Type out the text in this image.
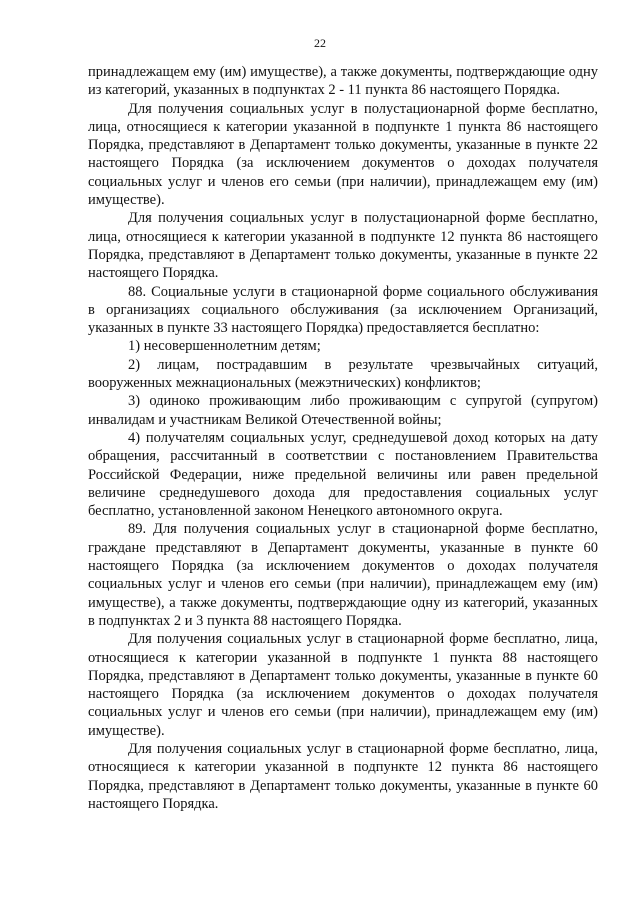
22

принадлежащем ему (им) имуществе), а также документы, подтверждающие одну из категорий, указанных в подпунктах 2 - 11 пункта 86 настоящего Порядка.

Для получения социальных услуг в полустационарной форме бесплатно, лица, относящиеся к категории указанной в подпункте 1 пункта 86 настоящего Порядка, представляют в Департамент только документы, указанные в пункте 22 настоящего Порядка (за исключением документов о доходах получателя социальных услуг и членов его семьи (при наличии), принадлежащем ему (им) имуществе).

Для получения социальных услуг в полустационарной форме бесплатно, лица, относящиеся к категории указанной в подпункте 12 пункта 86 настоящего Порядка, представляют в Департамент только документы, указанные в пункте 22 настоящего Порядка.

88. Социальные услуги в стационарной форме социального обслуживания в организациях социального обслуживания (за исключением Организаций, указанных в пункте 33 настоящего Порядка) предоставляется бесплатно:

1) несовершеннолетним детям;

2) лицам, пострадавшим в результате чрезвычайных ситуаций, вооруженных межнациональных (межэтнических) конфликтов;

3) одиноко проживающим либо проживающим с супругой (супругом) инвалидам и участникам Великой Отечественной войны;

4) получателям социальных услуг, среднедушевой доход которых на дату обращения, рассчитанный в соответствии с постановлением Правительства Российской Федерации, ниже предельной величины или равен предельной величине среднедушевого дохода для предоставления социальных услуг бесплатно, установленной законом Ненецкого автономного округа.

89. Для получения социальных услуг в стационарной форме бесплатно, граждане представляют в Департамент документы, указанные в пункте 60 настоящего Порядка (за исключением документов о доходах получателя социальных услуг и членов его семьи (при наличии), принадлежащем ему (им) имуществе), а также документы, подтверждающие одну из категорий, указанных в подпунктах 2 и 3 пункта 88 настоящего Порядка.

Для получения социальных услуг в стационарной форме бесплатно, лица, относящиеся к категории указанной в подпункте 1 пункта 88 настоящего Порядка, представляют в Департамент только документы, указанные в пункте 60 настоящего Порядка (за исключением документов о доходах получателя социальных услуг и членов его семьи (при наличии), принадлежащем ему (им) имуществе).

Для получения социальных услуг в стационарной форме бесплатно, лица, относящиеся к категории указанной в подпункте 12 пункта 86 настоящего Порядка, представляют в Департамент только документы, указанные в пункте 60 настоящего Порядка.
